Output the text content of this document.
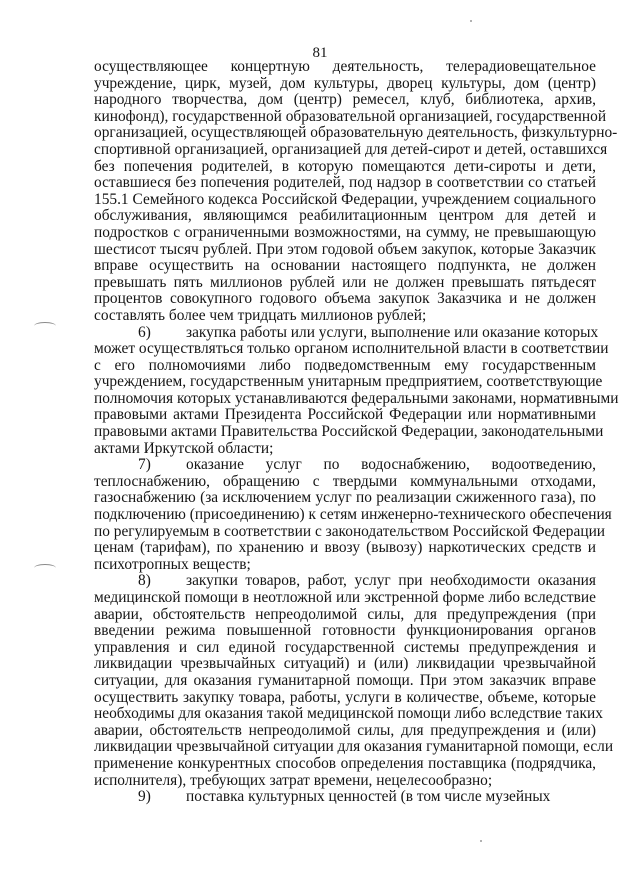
81
осуществляющее концертную деятельность, телерадиовещательное
учреждение, цирк, музей, дом культуры, дворец культуры, дом (центр)
народного творчества, дом (центр) ремесел, клуб, библиотека, архив,
кинофонд), государственной образовательной организацией, государственной
организацией, осуществляющей образовательную деятельность, физкультурно-
спортивной организацией, организацией для детей-сирот и детей, оставшихся
без попечения родителей, в которую помещаются дети-сироты и дети,
оставшиеся без попечения родителей, под надзор в соответствии со статьей
155.1 Семейного кодекса Российской Федерации, учреждением социального
обслуживания, являющимся реабилитационным центром для детей и
подростков с ограниченными возможностями, на сумму, не превышающую
шестисот тысяч рублей. При этом годовой объем закупок, которые Заказчик
вправе осуществить на основании настоящего подпункта, не должен
превышать пять миллионов рублей или не должен превышать пятьдесят
процентов совокупного годового объема закупок Заказчика и не должен
составлять более чем тридцать миллионов рублей;
6) закупка работы или услуги, выполнение или оказание которых
может осуществляться только органом исполнительной власти в соответствии
с его полномочиями либо подведомственным ему государственным
учреждением, государственным унитарным предприятием, соответствующие
полномочия которых устанавливаются федеральными законами, нормативными
правовыми актами Президента Российской Федерации или нормативными
правовыми актами Правительства Российской Федерации, законодательными
актами Иркутской области;
7) оказание услуг по водоснабжению, водоотведению,
теплоснабжению, обращению с твердыми коммунальными отходами,
газоснабжению (за исключением услуг по реализации сжиженного газа), по
подключению (присоединению) к сетям инженерно-технического обеспечения
по регулируемым в соответствии с законодательством Российской Федерации
ценам (тарифам), по хранению и ввозу (вывозу) наркотических средств и
психотропных веществ;
8) закупки товаров, работ, услуг при необходимости оказания
медицинской помощи в неотложной или экстренной форме либо вследствие
аварии, обстоятельств непреодолимой силы, для предупреждения (при
введении режима повышенной готовности функционирования органов
управления и сил единой государственной системы предупреждения и
ликвидации чрезвычайных ситуаций) и (или) ликвидации чрезвычайной
ситуации, для оказания гуманитарной помощи. При этом заказчик вправе
осуществить закупку товара, работы, услуги в количестве, объеме, которые
необходимы для оказания такой медицинской помощи либо вследствие таких
аварии, обстоятельств непреодолимой силы, для предупреждения и (или)
ликвидации чрезвычайной ситуации для оказания гуманитарной помощи, если
применение конкурентных способов определения поставщика (подрядчика,
исполнителя), требующих затрат времени, нецелесообразно;
9) поставка культурных ценностей (в том числе музейных
